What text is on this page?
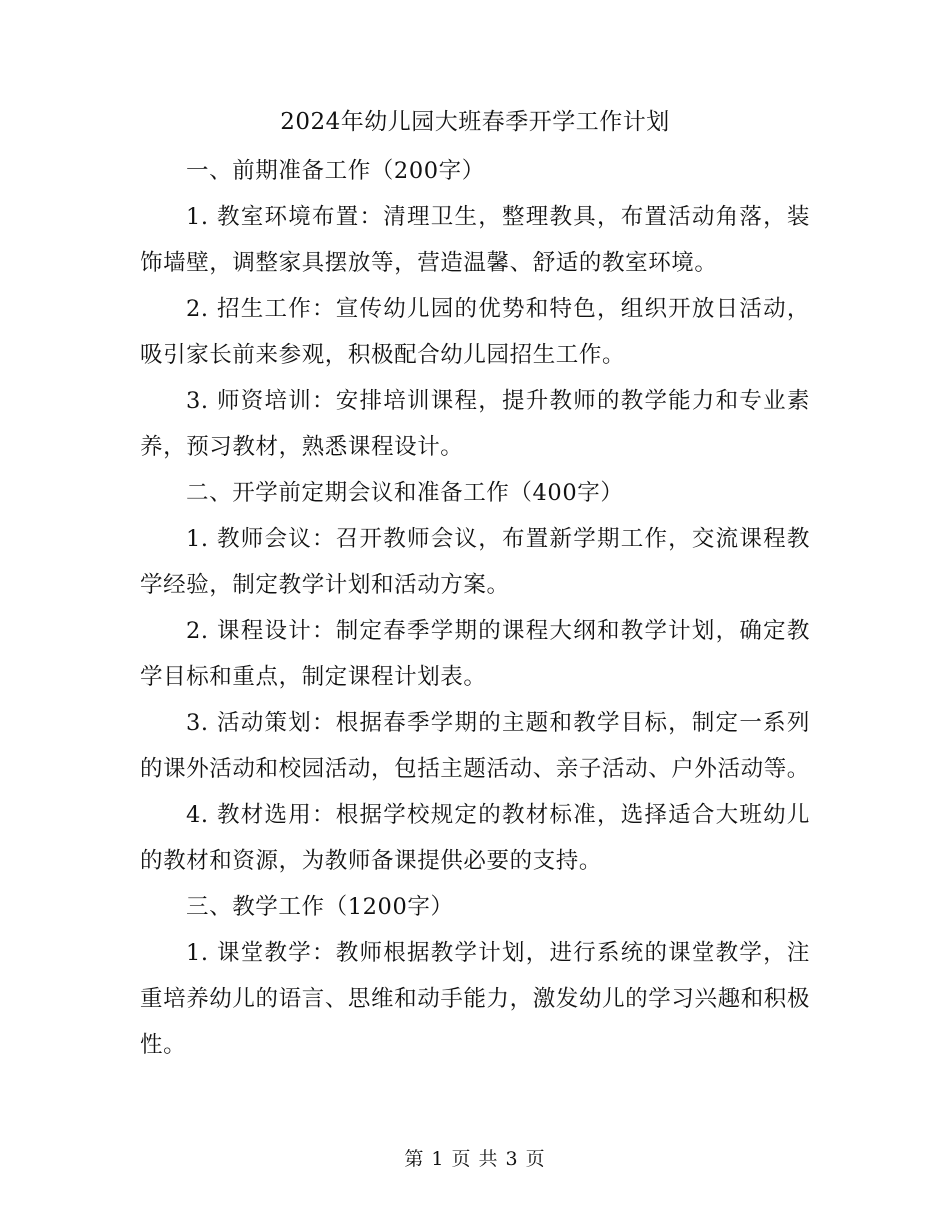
2024年幼儿园大班春季开学工作计划

一、前期准备工作（200字）

1. 教室环境布置：清理卫生，整理教具，布置活动角落，装饰墙壁，调整家具摆放等，营造温馨、舒适的教室环境。

2. 招生工作：宣传幼儿园的优势和特色，组织开放日活动，吸引家长前来参观，积极配合幼儿园招生工作。

3. 师资培训：安排培训课程，提升教师的教学能力和专业素养，预习教材，熟悉课程设计。

二、开学前定期会议和准备工作（400字）

1. 教师会议：召开教师会议，布置新学期工作，交流课程教学经验，制定教学计划和活动方案。

2. 课程设计：制定春季学期的课程大纲和教学计划，确定教学目标和重点，制定课程计划表。

3. 活动策划：根据春季学期的主题和教学目标，制定一系列的课外活动和校园活动，包括主题活动、亲子活动、户外活动等。

4. 教材选用：根据学校规定的教材标准，选择适合大班幼儿的教材和资源，为教师备课提供必要的支持。

三、教学工作（1200字）

1. 课堂教学：教师根据教学计划，进行系统的课堂教学，注重培养幼儿的语言、思维和动手能力，激发幼儿的学习兴趣和积极性。

第 1 页 共 3 页
